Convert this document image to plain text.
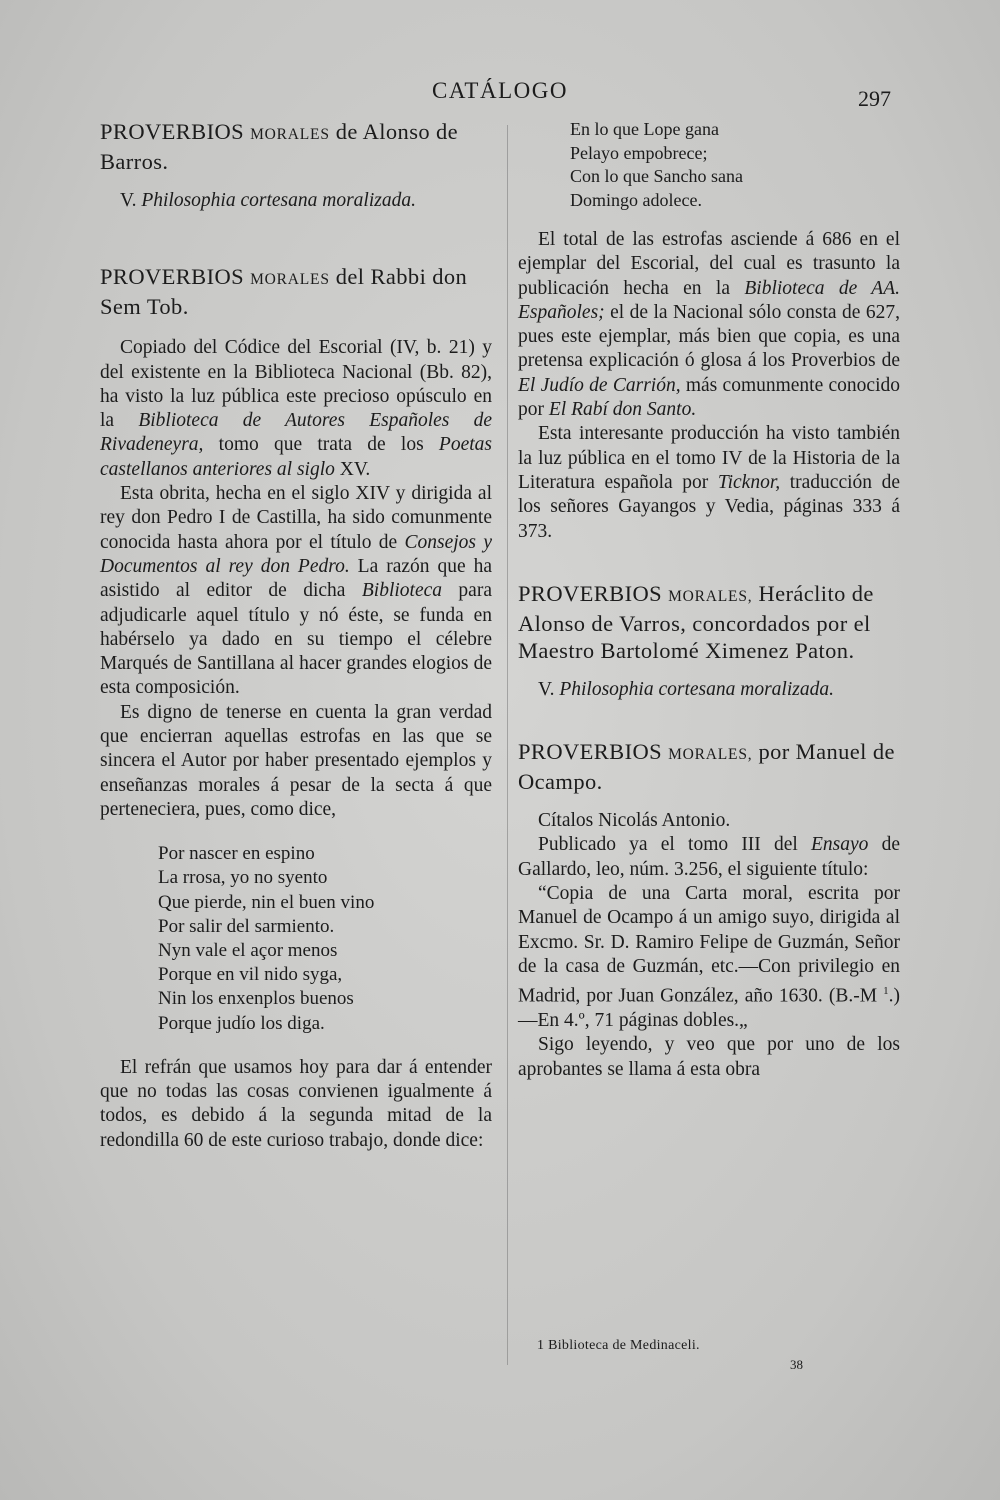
CATÁLOGO	297

PROVERBIOS MORALES de Alonso de Barros.

V. Philosophia cortesana moralizada.

PROVERBIOS MORALES del Rabbi don Sem Tob.

Copiado del Códice del Escorial (IV, b. 21) y del existente en la Biblioteca Nacional (Bb. 82), ha visto la luz pública este precioso opúsculo en la Biblioteca de Autores Españoles de Rivadeneyra, tomo que trata de los Poetas castellanos anteriores al siglo XV.

Esta obrita, hecha en el siglo XIV y dirigida al rey don Pedro I de Castilla, ha sido comunmente conocida hasta ahora por el título de Consejos y Documentos al rey don Pedro. La razón que ha asistido al editor de dicha Biblioteca para adjudicarle aquel título y nó éste, se funda en habérselo ya dado en su tiempo el célebre Marqués de Santillana al hacer grandes elogios de esta composición.

Es digno de tenerse en cuenta la gran verdad que encierran aquellas estrofas en las que se sincera el Autor por haber presentado ejemplos y enseñanzas morales á pesar de la secta á que perteneciera, pues, como dice,

Por nascer en espino
La rrosa, yo no syento
Que pierde, nin el buen vino
Por salir del sarmiento.
Nyn vale el açor menos
Porque en vil nido syga,
Nin los enxenplos buenos
Porque judío los diga.

El refrán que usamos hoy para dar á entender que no todas las cosas convienen igualmente á todos, es debido á la segunda mitad de la redondilla 60 de este curioso trabajo, donde dice:

En lo que Lope gana
Pelayo empobrece;
Con lo que Sancho sana
Domingo adolece.

El total de las estrofas asciende á 686 en el ejemplar del Escorial, del cual es trasunto la publicación hecha en la Biblioteca de AA. Españoles; el de la Nacional sólo consta de 627, pues este ejemplar, más bien que copia, es una pretensa explicación ó glosa á los Proverbios de El Judío de Carrión, más comunmente conocido por El Rabí don Santo.

Esta interesante producción ha visto también la luz pública en el tomo IV de la Historia de la Literatura española por Ticknor, traducción de los señores Gayangos y Vedia, páginas 333 á 373.

PROVERBIOS MORALES, Heráclito de Alonso de Varros, concordados por el Maestro Bartolomé Ximenez Paton.

V. Philosophia cortesana moralizada.

PROVERBIOS MORALES, por Manuel de Ocampo.

Cítalos Nicolás Antonio.

Publicado ya el tomo III del Ensayo de Gallardo, leo, núm. 3.256, el siguiente título:

“Copia de una Carta moral, escrita por Manuel de Ocampo á un amigo suyo, dirigida al Excmo. Sr. D. Ramiro Felipe de Guzmán, Señor de la casa de Guzmán, etc.—Con privilegio en Madrid, por Juan González, año 1630. (B.-M $^1$.)—En 4.º, 71 páginas dobles.„

Sigo leyendo, y veo que por uno de los aprobantes se llama á esta obra

1 Biblioteca de Medinaceli.
38
